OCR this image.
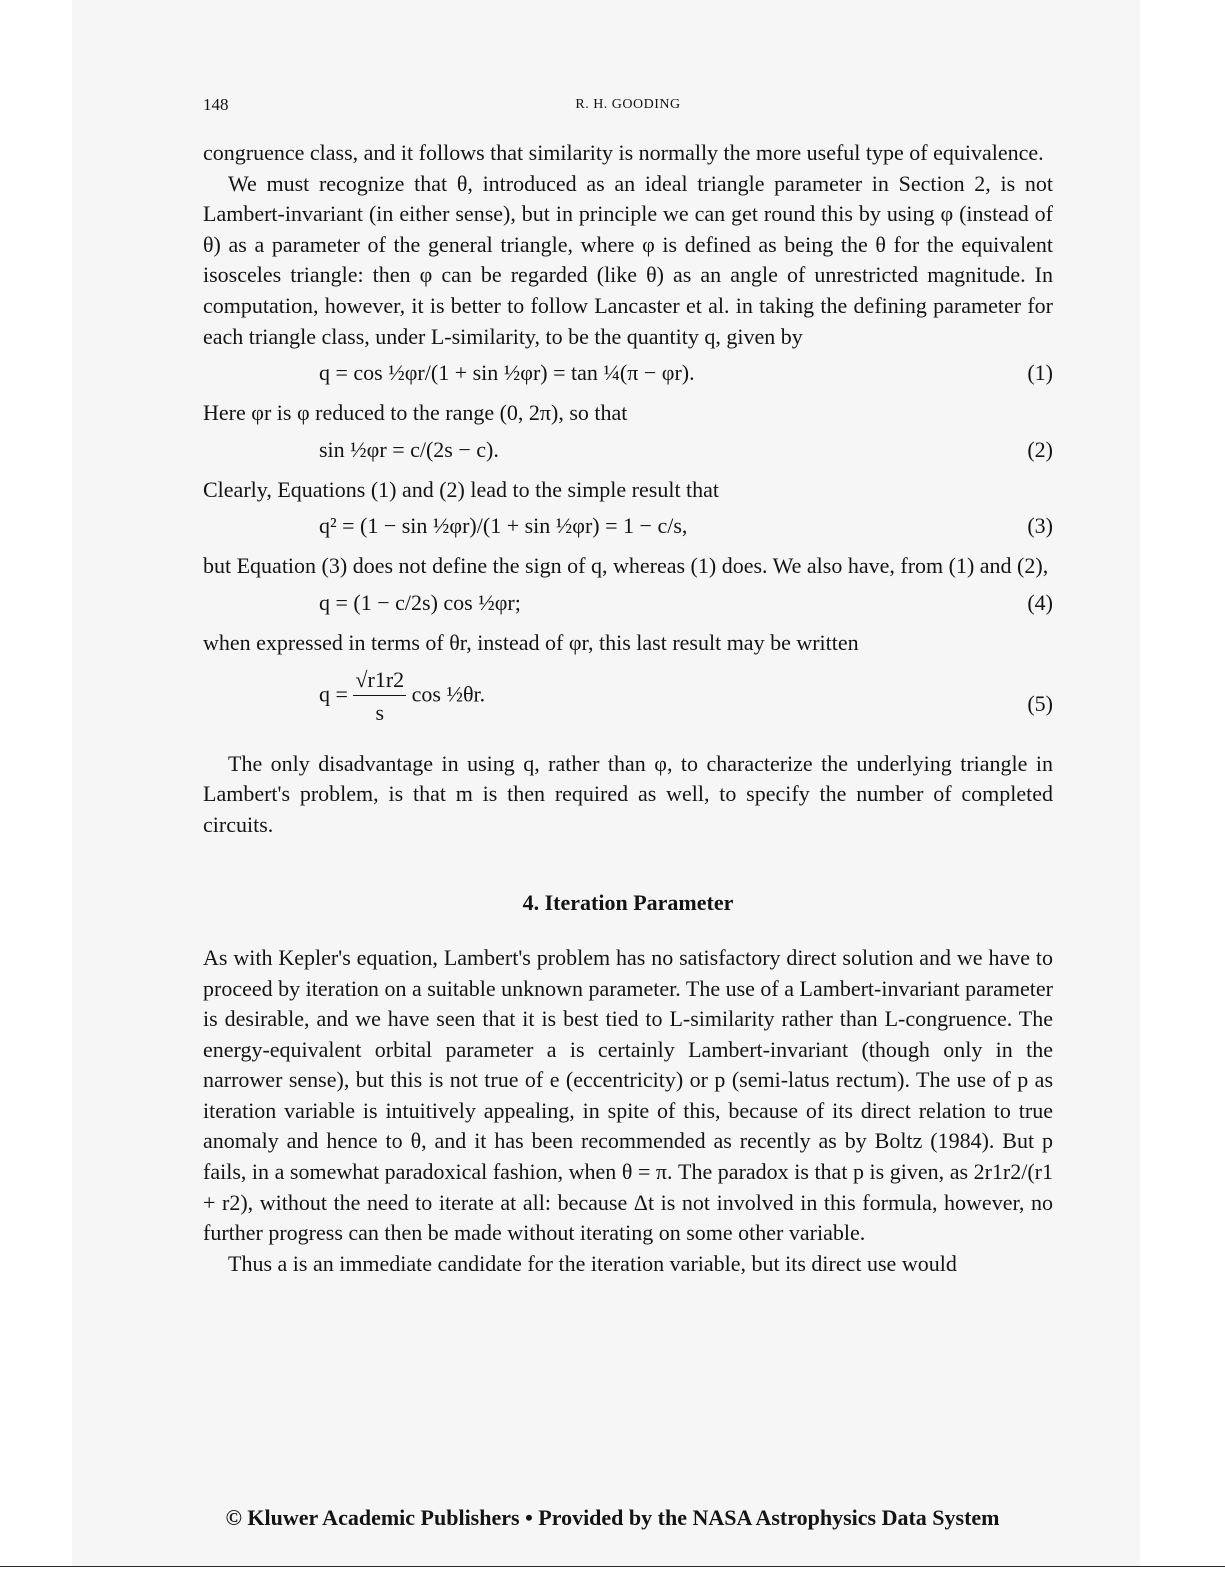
148	R. H. GOODING

congruence class, and it follows that similarity is normally the more useful type of equivalence.

We must recognize that θ, introduced as an ideal triangle parameter in Section 2, is not Lambert-invariant (in either sense), but in principle we can get round this by using φ (instead of θ) as a parameter of the general triangle, where φ is defined as being the θ for the equivalent isosceles triangle: then φ can be regarded (like θ) as an angle of unrestricted magnitude. In computation, however, it is better to follow Lancaster et al. in taking the defining parameter for each triangle class, under L-similarity, to be the quantity q, given by

q = cos ½φr/(1 + sin ½φr) = tan ¼(π − φr).	(1)

Here φr is φ reduced to the range (0, 2π), so that

sin ½φr = c/(2s − c).	(2)

Clearly, Equations (1) and (2) lead to the simple result that

q² = (1 − sin ½φr)/(1 + sin ½φr) = 1 − c/s,	(3)

but Equation (3) does not define the sign of q, whereas (1) does. We also have, from (1) and (2),

q = (1 − c/2s) cos ½φr;	(4)

when expressed in terms of θr, instead of φr, this last result may be written

$q = \frac{√r1r2}{s}$ cos ½θr.	(5)

The only disadvantage in using q, rather than φ, to characterize the underlying triangle in Lambert's problem, is that m is then required as well, to specify the number of completed circuits.

4. Iteration Parameter

As with Kepler's equation, Lambert's problem has no satisfactory direct solution and we have to proceed by iteration on a suitable unknown parameter. The use of a Lambert-invariant parameter is desirable, and we have seen that it is best tied to L-similarity rather than L-congruence. The energy-equivalent orbital parameter a is certainly Lambert-invariant (though only in the narrower sense), but this is not true of e (eccentricity) or p (semi-latus rectum). The use of p as iteration variable is intuitively appealing, in spite of this, because of its direct relation to true anomaly and hence to θ, and it has been recommended as recently as by Boltz (1984). But p fails, in a somewhat paradoxical fashion, when θ = π. The paradox is that p is given, as 2r1r2/(r1 + r2), without the need to iterate at all: because Δt is not involved in this formula, however, no further progress can then be made without iterating on some other variable.

Thus a is an immediate candidate for the iteration variable, but its direct use would

© Kluwer Academic Publishers • Provided by the NASA Astrophysics Data System
